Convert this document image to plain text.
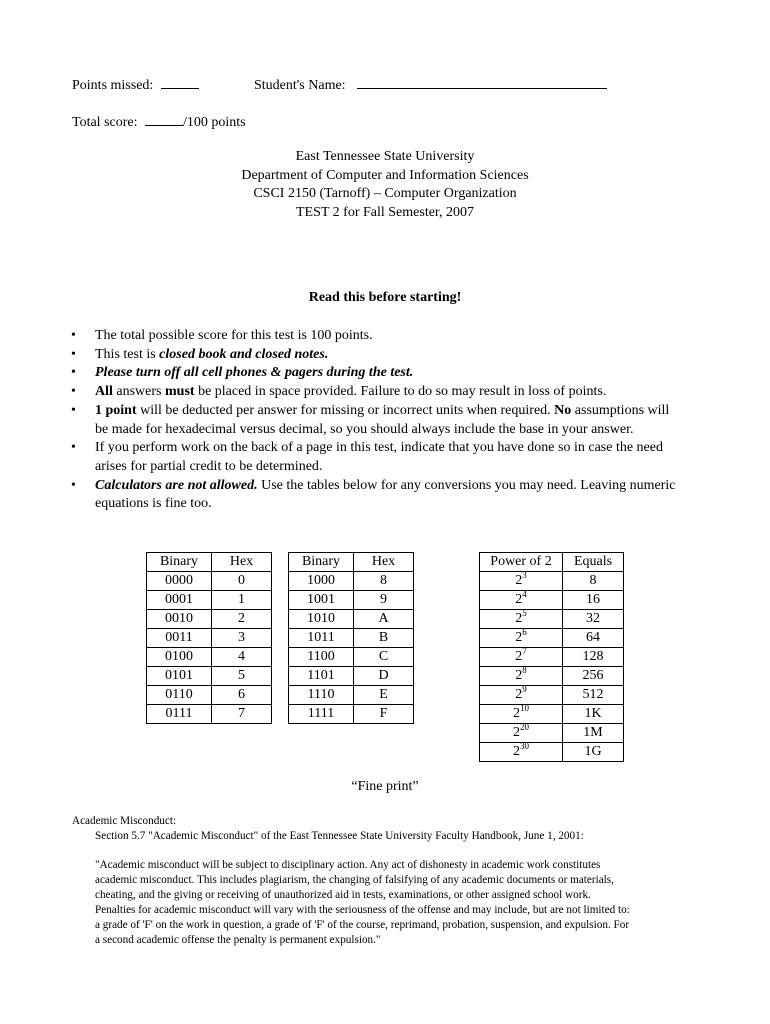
Points missed:	Student's Name:
Total score:	/100 points
East Tennessee State University
Department of Computer and Information Sciences
CSCI 2150 (Tarnoff) – Computer Organization
TEST 2 for Fall Semester, 2007
Read this before starting!
• The total possible score for this test is 100 points.
• This test is closed book and closed notes.
• Please turn off all cell phones & pagers during the test.
• All answers must be placed in space provided. Failure to do so may result in loss of points.
• 1 point will be deducted per answer for missing or incorrect units when required. No assumptions will be made for hexadecimal versus decimal, so you should always include the base in your answer.
• If you perform work on the back of a page in this test, indicate that you have done so in case the need arises for partial credit to be determined.
• Calculators are not allowed. Use the tables below for any conversions you may need. Leaving numeric equations is fine too.
Binary	Hex
0000	0
0001	1
0010	2
0011	3
0100	4
0101	5
0110	6
0111	7
Binary	Hex
1000	8
1001	9
1010	A
1011	B
1100	C
1101	D
1110	E
1111	F
Power of 2	Equals
$2^3$	8
$2^4$	16
$2^5$	32
$2^6$	64
$2^7$	128
$2^8$	256
$2^9$	512
$2^{10}$	1K
$2^{20}$	1M
$2^{30}$	1G
“Fine print”
Academic Misconduct:
Section 5.7 "Academic Misconduct" of the East Tennessee State University Faculty Handbook, June 1, 2001:
"Academic misconduct will be subject to disciplinary action. Any act of dishonesty in academic work constitutes
academic misconduct. This includes plagiarism, the changing of falsifying of any academic documents or materials,
cheating, and the giving or receiving of unauthorized aid in tests, examinations, or other assigned school work.
Penalties for academic misconduct will vary with the seriousness of the offense and may include, but are not limited to:
a grade of 'F' on the work in question, a grade of 'F' of the course, reprimand, probation, suspension, and expulsion. For
a second academic offense the penalty is permanent expulsion."
